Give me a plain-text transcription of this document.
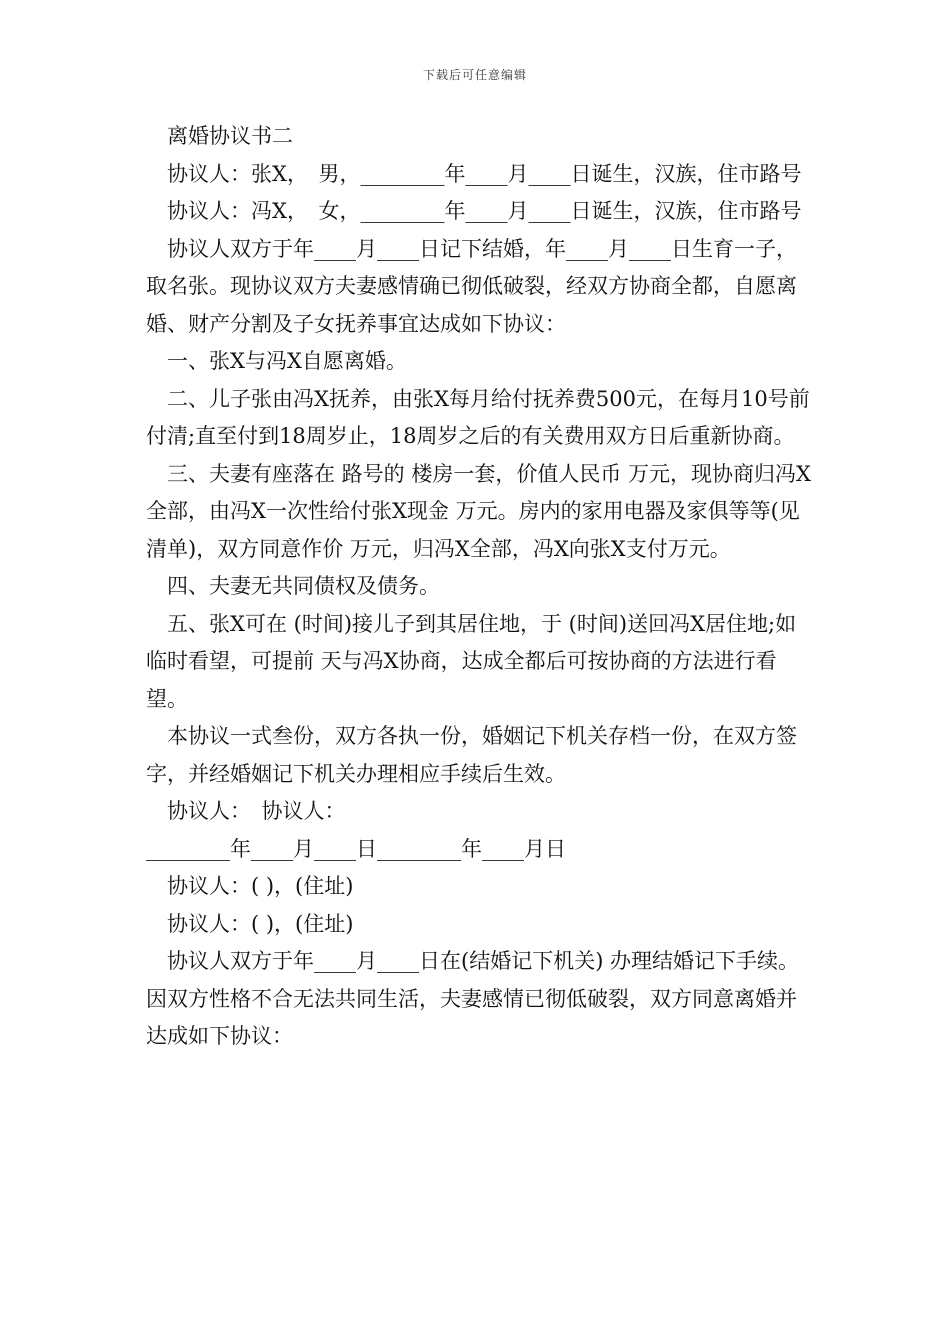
下载后可任意编辑

　离婚协议书二

　协议人：张X，　男，________年____月____日诞生，汉族，住市路号

　协议人：冯X，　女，________年____月____日诞生，汉族，住市路号

　协议人双方于年____月____日记下结婚，年____月____日生育一子，取名张。现协议双方夫妻感情确已彻低破裂，经双方协商全都，自愿离婚、财产分割及子女抚养事宜达成如下协议：

　一、张X与冯X自愿离婚。

　二、儿子张由冯X抚养，由张X每月给付抚养费500元，在每月10号前付清;直至付到18周岁止，18周岁之后的有关费用双方日后重新协商。

　三、夫妻有座落在 路号的 楼房一套，价值人民币 万元，现协商归冯X全部，由冯X一次性给付张X现金 万元。房内的家用电器及家俱等等(见清单)，双方同意作价 万元，归冯X全部，冯X向张X支付万元。

　四、夫妻无共同债权及债务。

　五、张X可在 (时间)接儿子到其居住地，于 (时间)送回冯X居住地;如临时看望，可提前 天与冯X协商，达成全都后可按协商的方法进行看望。

　本协议一式叁份，双方各执一份，婚姻记下机关存档一份，在双方签字，并经婚姻记下机关办理相应手续后生效。

　协议人：　协议人：

________年____月____日________年____月日

　协议人：( )，(住址)

　协议人：( )，(住址)

　协议人双方于年____月____日在(结婚记下机关) 办理结婚记下手续。因双方性格不合无法共同生活，夫妻感情已彻低破裂，双方同意离婚并达成如下协议：
